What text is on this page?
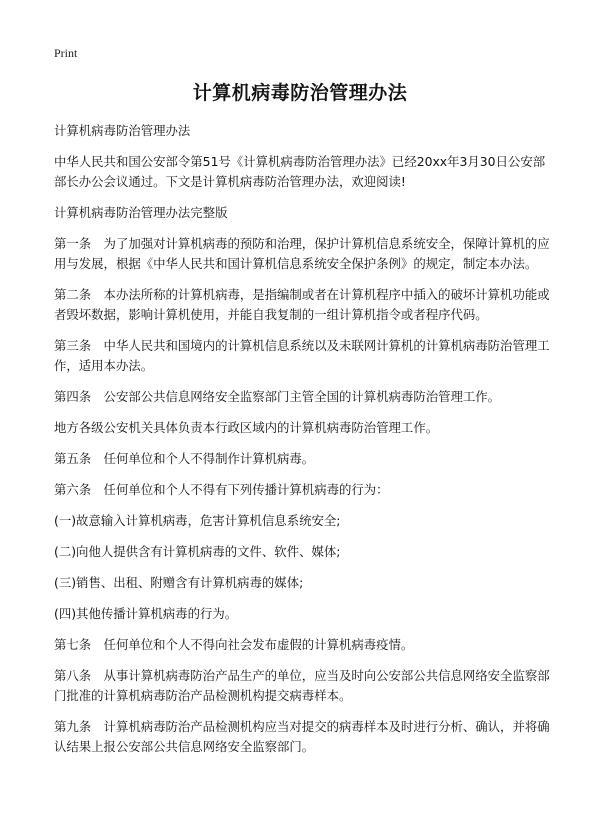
Print
计算机病毒防治管理办法

计算机病毒防治管理办法

中华人民共和国公安部令第51号《计算机病毒防治管理办法》已经20xx年3月30日公安部部长办公会议通过。下文是计算机病毒防治管理办法，欢迎阅读!

计算机病毒防治管理办法完整版

第一条　为了加强对计算机病毒的预防和治理，保护计算机信息系统安全，保障计算机的应用与发展，根据《中华人民共和国计算机信息系统安全保护条例》的规定，制定本办法。

第二条　本办法所称的计算机病毒，是指编制或者在计算机程序中插入的破坏计算机功能或者毁坏数据，影响计算机使用，并能自我复制的一组计算机指令或者程序代码。

第三条　中华人民共和国境内的计算机信息系统以及未联网计算机的计算机病毒防治管理工作，适用本办法。

第四条　公安部公共信息网络安全监察部门主管全国的计算机病毒防治管理工作。

地方各级公安机关具体负责本行政区域内的计算机病毒防治管理工作。

第五条　任何单位和个人不得制作计算机病毒。

第六条　任何单位和个人不得有下列传播计算机病毒的行为：

(一)故意输入计算机病毒，危害计算机信息系统安全;

(二)向他人提供含有计算机病毒的文件、软件、媒体;

(三)销售、出租、附赠含有计算机病毒的媒体;

(四)其他传播计算机病毒的行为。

第七条　任何单位和个人不得向社会发布虚假的计算机病毒疫情。

第八条　从事计算机病毒防治产品生产的单位，应当及时向公安部公共信息网络安全监察部门批准的计算机病毒防治产品检测机构提交病毒样本。

第九条　计算机病毒防治产品检测机构应当对提交的病毒样本及时进行分析、确认，并将确认结果上报公安部公共信息网络安全监察部门。
